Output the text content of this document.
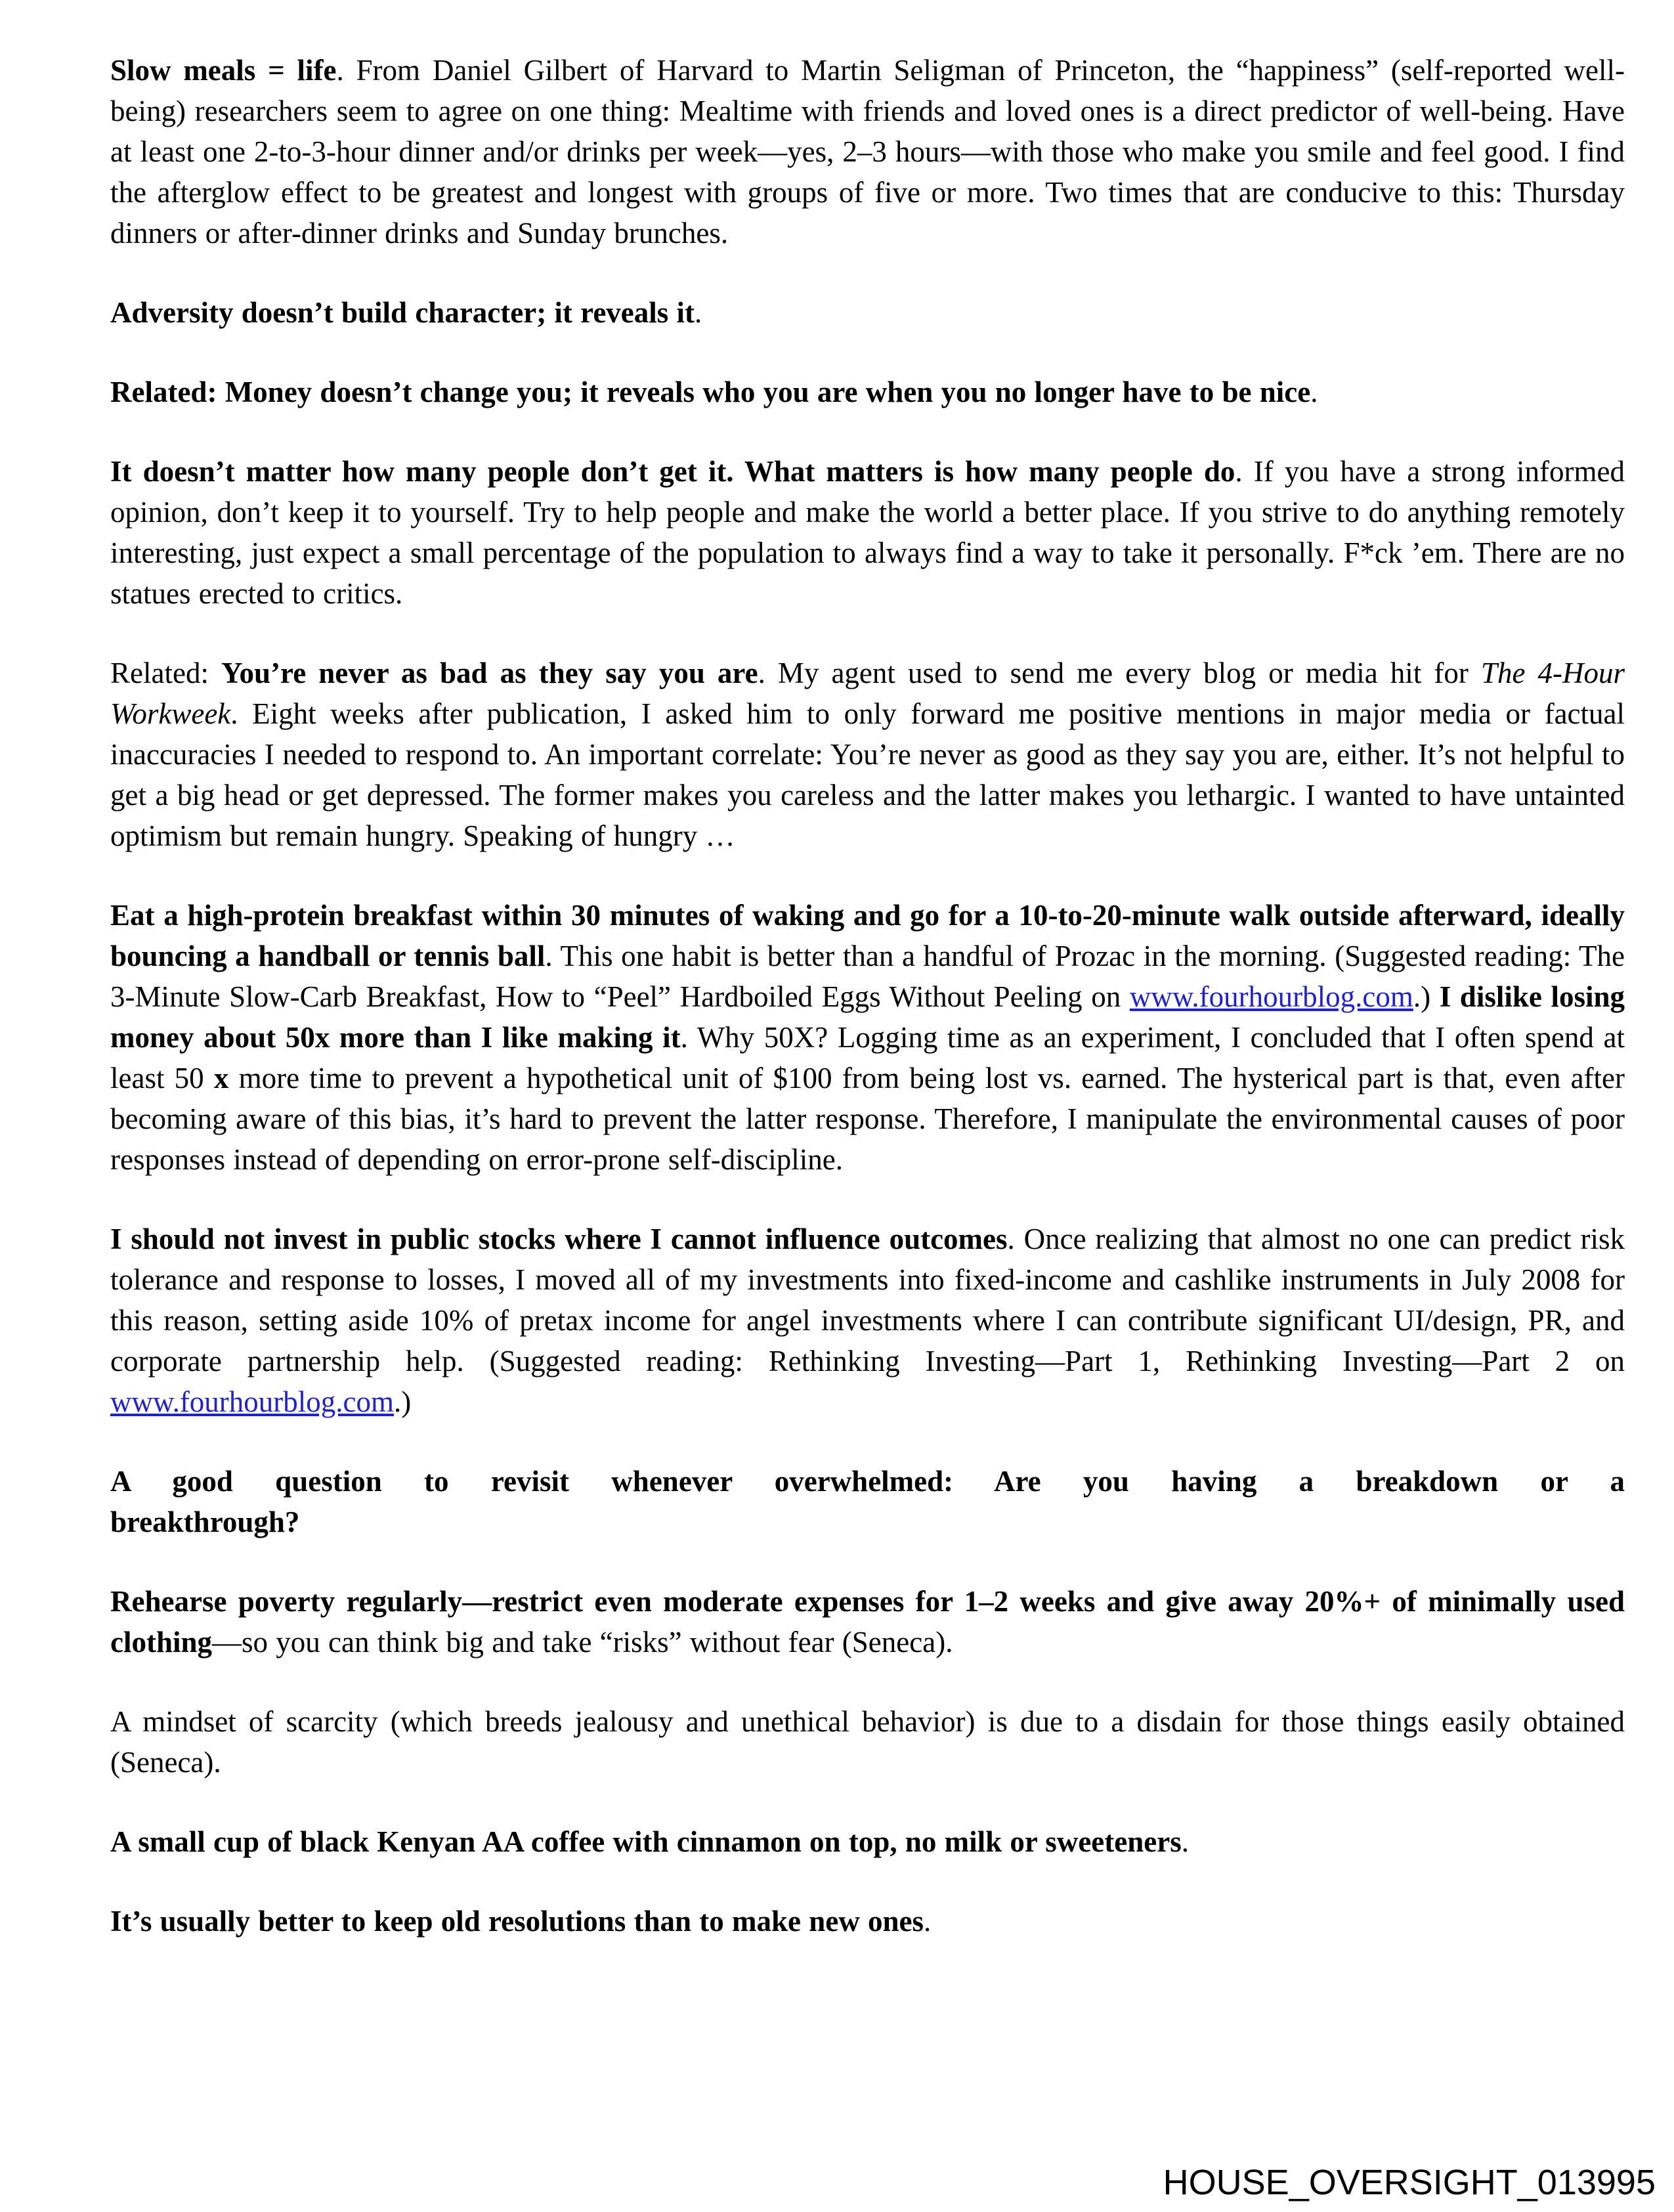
Slow meals = life. From Daniel Gilbert of Harvard to Martin Seligman of Princeton, the “happiness” (self-reported well-being) researchers seem to agree on one thing: Mealtime with friends and loved ones is a direct predictor of well-being. Have at least one 2-to-3-hour dinner and/or drinks per week—yes, 2–3 hours—with those who make you smile and feel good. I find the afterglow effect to be greatest and longest with groups of five or more. Two times that are conducive to this: Thursday dinners or after-dinner drinks and Sunday brunches.

Adversity doesn’t build character; it reveals it.

Related: Money doesn’t change you; it reveals who you are when you no longer have to be nice.

It doesn’t matter how many people don’t get it. What matters is how many people do. If you have a strong informed opinion, don’t keep it to yourself. Try to help people and make the world a better place. If you strive to do anything remotely interesting, just expect a small percentage of the population to always find a way to take it personally. F*ck ’em. There are no statues erected to critics.

Related: You’re never as bad as they say you are. My agent used to send me every blog or media hit for The 4-Hour Workweek. Eight weeks after publication, I asked him to only forward me positive mentions in major media or factual inaccuracies I needed to respond to. An important correlate: You’re never as good as they say you are, either. It’s not helpful to get a big head or get depressed. The former makes you careless and the latter makes you lethargic. I wanted to have untainted optimism but remain hungry. Speaking of hungry …

Eat a high-protein breakfast within 30 minutes of waking and go for a 10-to-20-minute walk outside afterward, ideally bouncing a handball or tennis ball. This one habit is better than a handful of Prozac in the morning. (Suggested reading: The 3-Minute Slow-Carb Breakfast, How to “Peel” Hardboiled Eggs Without Peeling on www.fourhourblog.com.) I dislike losing money about 50x more than I like making it. Why 50X? Logging time as an experiment, I concluded that I often spend at least 50 x more time to prevent a hypothetical unit of $100 from being lost vs. earned. The hysterical part is that, even after becoming aware of this bias, it’s hard to prevent the latter response. Therefore, I manipulate the environmental causes of poor responses instead of depending on error-prone self-discipline.

I should not invest in public stocks where I cannot influence outcomes. Once realizing that almost no one can predict risk tolerance and response to losses, I moved all of my investments into fixed-income and cashlike instruments in July 2008 for this reason, setting aside 10% of pretax income for angel investments where I can contribute significant UI/design, PR, and corporate partnership help. (Suggested reading: Rethinking Investing—Part 1, Rethinking Investing—Part 2 on www.fourhourblog.com.)

A good question to revisit whenever overwhelmed: Are you having a breakdown or abreakthrough?

Rehearse poverty regularly—restrict even moderate expenses for 1–2 weeks and give away 20%+ of minimally used clothing—so you can think big and take “risks” without fear (Seneca).

A mindset of scarcity (which breeds jealousy and unethical behavior) is due to a disdain for those things easily obtained (Seneca).

A small cup of black Kenyan AA coffee with cinnamon on top, no milk or sweeteners.

It’s usually better to keep old resolutions than to make new ones.

HOUSE_OVERSIGHT_013995
